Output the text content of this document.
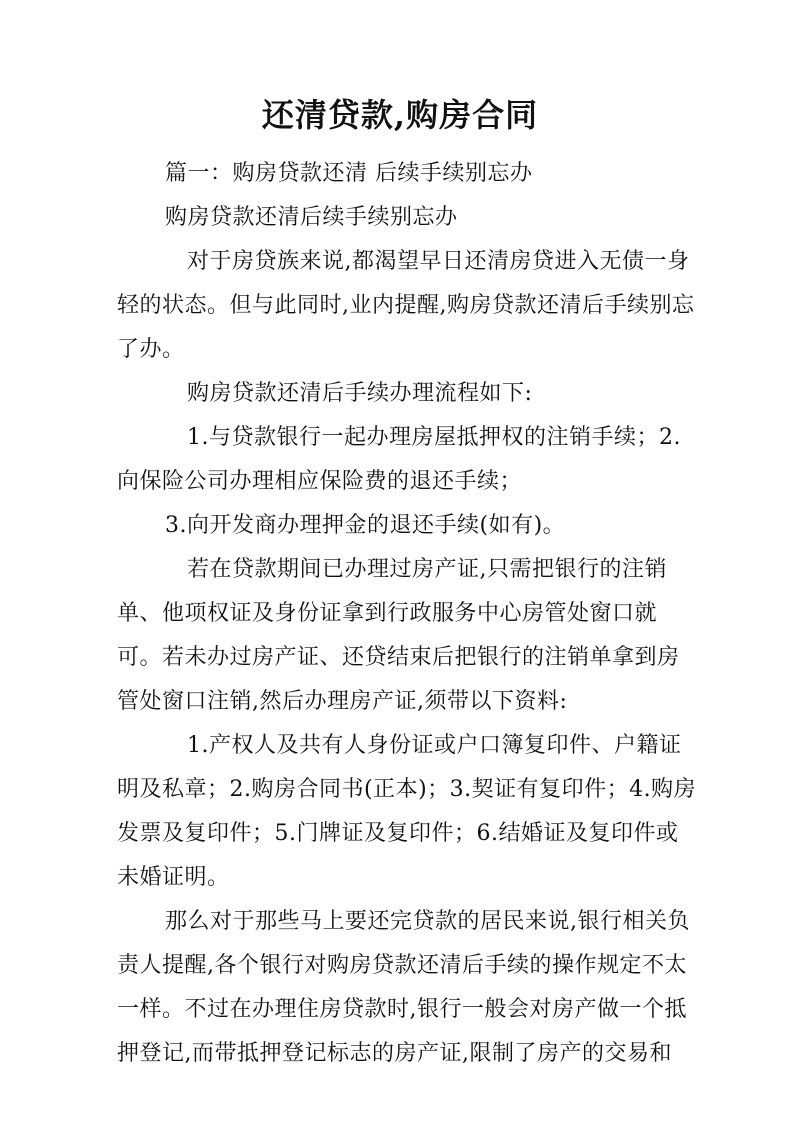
还清贷款,购房合同

篇一：购房贷款还清 后续手续别忘办

购房贷款还清后续手续别忘办

对于房贷族来说,都渴望早日还清房贷进入无债一身轻的状态。但与此同时,业内提醒,购房贷款还清后手续别忘了办。

购房贷款还清后手续办理流程如下:

1.与贷款银行一起办理房屋抵押权的注销手续；2.向保险公司办理相应保险费的退还手续；

3.向开发商办理押金的退还手续(如有)。

若在贷款期间已办理过房产证,只需把银行的注销单、他项权证及身份证拿到行政服务中心房管处窗口就可。若未办过房产证、还贷结束后把银行的注销单拿到房管处窗口注销,然后办理房产证,须带以下资料:

1.产权人及共有人身份证或户口簿复印件、户籍证明及私章；2.购房合同书(正本)；3.契证有复印件；4.购房发票及复印件；5.门牌证及复印件；6.结婚证及复印件或未婚证明。

那么对于那些马上要还完贷款的居民来说,银行相关负责人提醒,各个银行对购房贷款还清后手续的操作规定不太一样。不过在办理住房贷款时,银行一般会对房产做一个抵押登记,而带抵押登记标志的房产证,限制了房产的交易和
